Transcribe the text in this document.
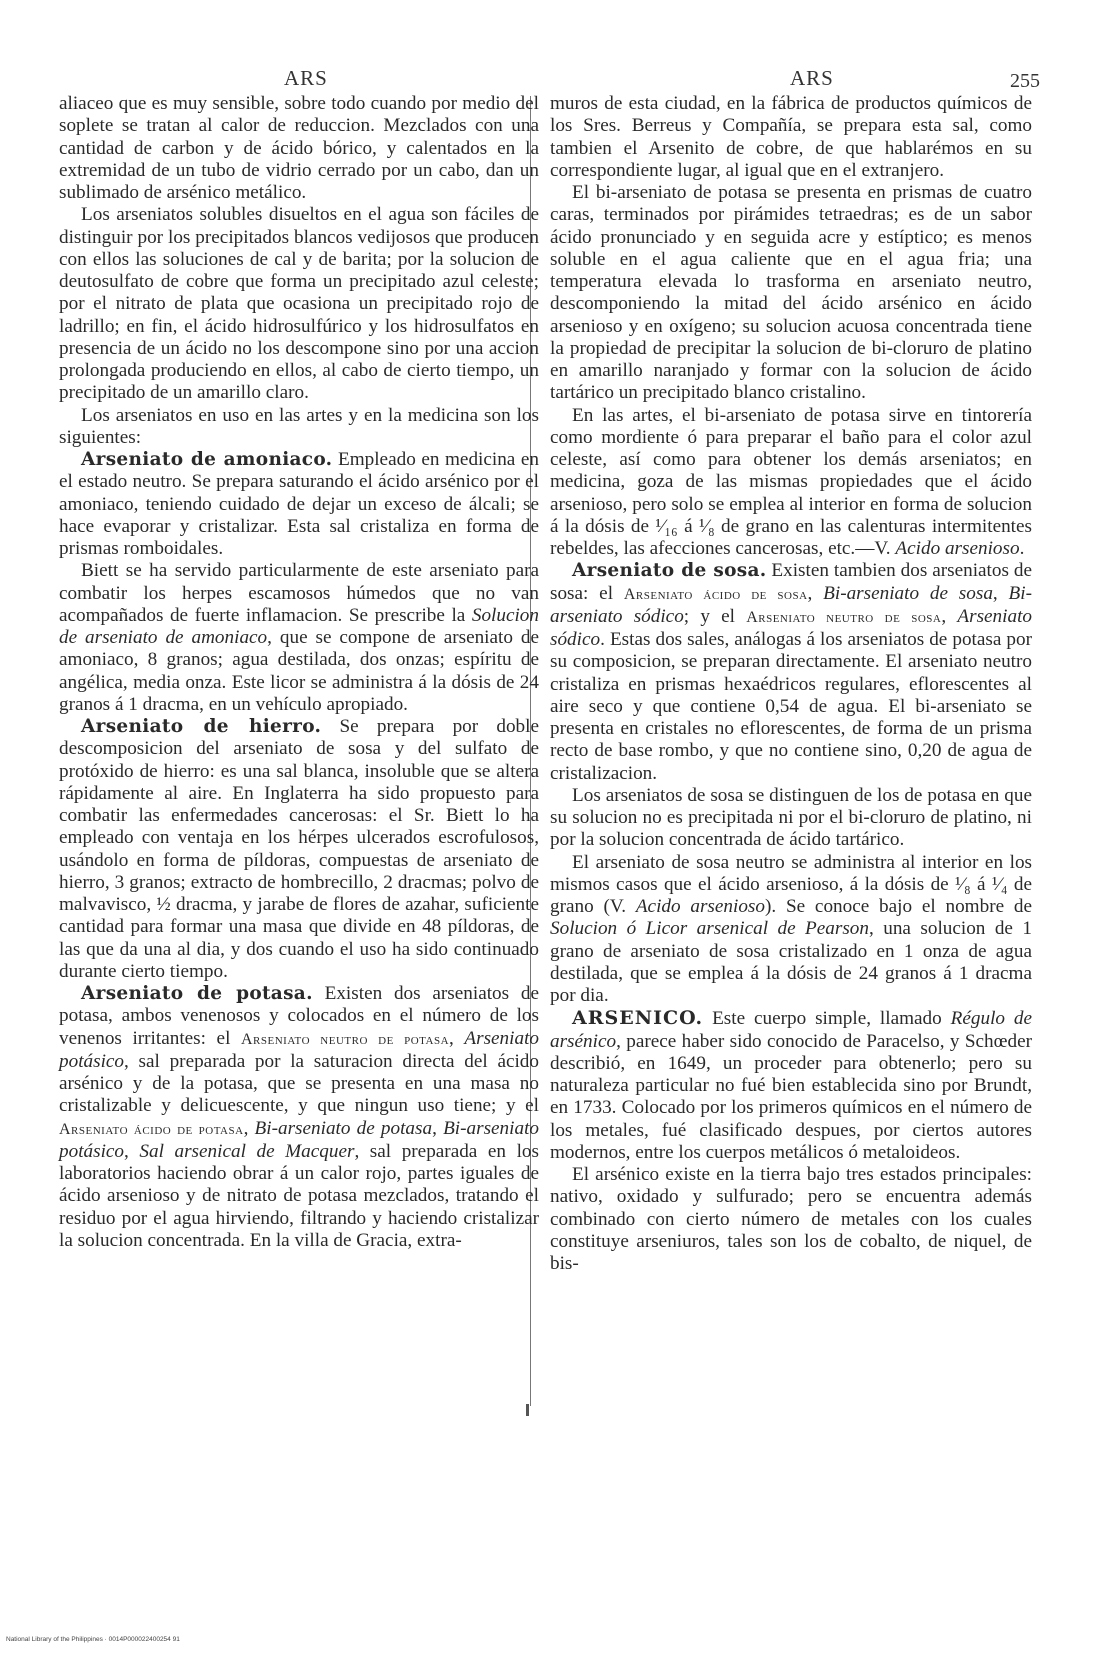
ARS	ARS	255

aliaceo que es muy sensible, sobre todo cuando por medio del soplete se tratan al calor de reduccion. Mezclados con una cantidad de carbon y de ácido bórico, y calentados en la extremidad de un tubo de vidrio cerrado por un cabo, dan un sublimado de arsénico metálico.

Los arseniatos solubles disueltos en el agua son fáciles de distinguir por los precipitados blancos vedijosos que producen con ellos las soluciones de cal y de barita; por la solucion de deutosulfato de cobre que forma un precipitado azul celeste; por el nitrato de plata que ocasiona un precipitado rojo de ladrillo; en fin, el ácido hidrosulfúrico y los hidrosulfatos en presencia de un ácido no los descompone sino por una accion prolongada produciendo en ellos, al cabo de cierto tiempo, un precipitado de un amarillo claro.

Los arseniatos en uso en las artes y en la medicina son los siguientes:

Arseniato de amoniaco. Empleado en medicina en el estado neutro. Se prepara saturando el ácido arsénico por el amoniaco, teniendo cuidado de dejar un exceso de álcali; se hace evaporar y cristalizar. Esta sal cristaliza en forma de prismas romboidales.

Biett se ha servido particularmente de este arseniato para combatir los herpes escamosos húmedos que no van acompañados de fuerte inflamacion. Se prescribe la Solucion de arseniato de amoniaco, que se compone de arseniato de amoniaco, 8 granos; agua destilada, dos onzas; espíritu de angélica, media onza. Este licor se administra á la dósis de 24 granos á 1 dracma, en un vehículo apropiado.

Arseniato de hierro. Se prepara por doble descomposicion del arseniato de sosa y del sulfato de protóxido de hierro: es una sal blanca, insoluble que se altera rápidamente al aire. En Inglaterra ha sido propuesto para combatir las enfermedades cancerosas: el Sr. Biett lo ha empleado con ventaja en los hérpes ulcerados escrofulosos, usándolo en forma de píldoras, compuestas de arseniato de hierro, 3 granos; extracto de hombrecillo, 2 dracmas; polvo de malvavisco, ½ dracma, y jarabe de flores de azahar, suficiente cantidad para formar una masa que divide en 48 píldoras, de las que da una al dia, y dos cuando el uso ha sido continuado durante cierto tiempo.

Arseniato de potasa. Existen dos arseniatos de potasa, ambos venenosos y colocados en el número de los venenos irritantes: el Arseniato neutro de potasa, Arseniato potásico, sal preparada por la saturacion directa del ácido arsénico y de la potasa, que se presenta en una masa no cristalizable y delicuescente, y que ningun uso tiene; y el Arseniato ácido de potasa, Bi-arseniato de potasa, Bi-arseniato potásico, Sal arsenical de Macquer, sal preparada en los laboratorios haciendo obrar á un calor rojo, partes iguales de ácido arsenioso y de nitrato de potasa mezclados, tratando el residuo por el agua hirviendo, filtrando y haciendo cristalizar la solucion concentrada. En la villa de Gracia, extra-

muros de esta ciudad, en la fábrica de productos químicos de los Sres. Berreus y Compañía, se prepara esta sal, como tambien el Arsenito de cobre, de que hablarémos en su correspondiente lugar, al igual que en el extranjero.

El bi-arseniato de potasa se presenta en prismas de cuatro caras, terminados por pirámides tetraedras; es de un sabor ácido pronunciado y en seguida acre y estíptico; es menos soluble en el agua caliente que en el agua fria; una temperatura elevada lo trasforma en arseniato neutro, descomponiendo la mitad del ácido arsénico en ácido arsenioso y en oxígeno; su solucion acuosa concentrada tiene la propiedad de precipitar la solucion de bi-cloruro de platino en amarillo naranjado y formar con la solucion de ácido tartárico un precipitado blanco cristalino.

En las artes, el bi-arseniato de potasa sirve en tintorería como mordiente ó para preparar el baño para el color azul celeste, así como para obtener los demás arseniatos; en medicina, goza de las mismas propiedades que el ácido arsenioso, pero solo se emplea al interior en forma de solucion á la dósis de ¹⁄₁₆ á ¹⁄₈ de grano en las calenturas intermitentes rebeldes, las afecciones cancerosas, etc.—V. Acido arsenioso.

Arseniato de sosa. Existen tambien dos arseniatos de sosa: el Arseniato ácido de sosa, Bi-arseniato de sosa, Bi-arseniato sódico; y el Arseniato neutro de sosa, Arseniato sódico. Estas dos sales, análogas á los arseniatos de potasa por su composicion, se preparan directamente. El arseniato neutro cristaliza en prismas hexaédricos regulares, eflorescentes al aire seco y que contiene 0,54 de agua. El bi-arseniato se presenta en cristales no eflorescentes, de forma de un prisma recto de base rombo, y que no contiene sino, 0,20 de agua de cristalizacion.

Los arseniatos de sosa se distinguen de los de potasa en que su solucion no es precipitada ni por el bi-cloruro de platino, ni por la solucion concentrada de ácido tartárico.

El arseniato de sosa neutro se administra al interior en los mismos casos que el ácido arsenioso, á la dósis de ¹⁄₈ á ¹⁄₄ de grano (V. Acido arsenioso). Se conoce bajo el nombre de Solucion ó Licor arsenical de Pearson, una solucion de 1 grano de arseniato de sosa cristalizado en 1 onza de agua destilada, que se emplea á la dósis de 24 granos á 1 dracma por dia.

ARSENICO. Este cuerpo simple, llamado Régulo de arsénico, parece haber sido conocido de Paracelso, y Schœder describió, en 1649, un proceder para obtenerlo; pero su naturaleza particular no fué bien establecida sino por Brundt, en 1733. Colocado por los primeros químicos en el número de los metales, fué clasificado despues, por ciertos autores modernos, entre los cuerpos metálicos ó metaloideos.

El arsénico existe en la tierra bajo tres estados principales: nativo, oxidado y sulfurado; pero se encuentra además combinado con cierto número de metales con los cuales constituye arseniuros, tales son los de cobalto, de niquel, de bis-

National Library of the Philippines · 0014P000022400254 91
